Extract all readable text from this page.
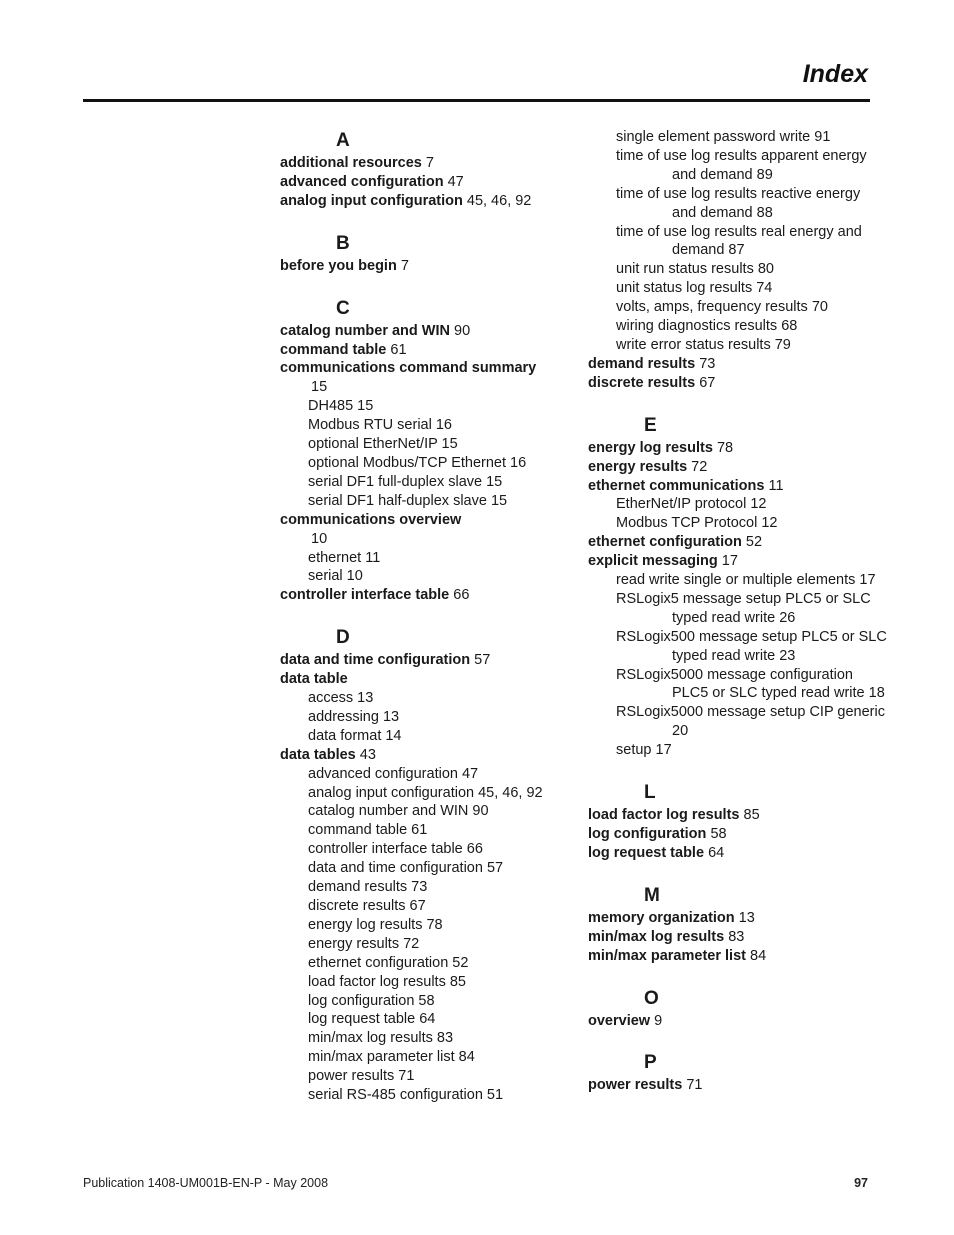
Index
A
additional resources 7
advanced configuration 47
analog input configuration 45, 46, 92
B
before you begin 7
C
catalog number and WIN 90
command table 61
communications command summary
15
DH485 15
Modbus RTU serial 16
optional EtherNet/IP 15
optional Modbus/TCP Ethernet 16
serial DF1 full-duplex slave 15
serial DF1 half-duplex slave 15
communications overview
10
ethernet 11
serial 10
controller interface table 66
D
data and time configuration 57
data table
access 13
addressing 13
data format 14
data tables 43
advanced configuration 47
analog input configuration 45, 46, 92
catalog number and WIN 90
command table 61
controller interface table 66
data and time configuration 57
demand results 73
discrete results 67
energy log results 78
energy results 72
ethernet configuration 52
load factor log results 85
log configuration 58
log request table 64
min/max log results 83
min/max parameter list 84
power results 71
serial RS-485 configuration 51
single element password write 91
time of use log results apparent energy
and demand 89
time of use log results reactive energy
and demand 88
time of use log results real energy and
demand 87
unit run status results 80
unit status log results 74
volts, amps, frequency results 70
wiring diagnostics results 68
write error status results 79
demand results 73
discrete results 67
E
energy log results 78
energy results 72
ethernet communications 11
EtherNet/IP protocol 12
Modbus TCP Protocol 12
ethernet configuration 52
explicit messaging 17
read write single or multiple elements 17
RSLogix5 message setup PLC5 or SLC
typed read write 26
RSLogix500 message setup PLC5 or SLC
typed read write 23
RSLogix5000 message configuration
PLC5 or SLC typed read write 18
RSLogix5000 message setup CIP generic
20
setup 17
L
load factor log results 85
log configuration 58
log request table 64
M
memory organization 13
min/max log results 83
min/max parameter list 84
O
overview 9
P
power results 71
Publication 1408-UM001B-EN-P - May 2008	97
